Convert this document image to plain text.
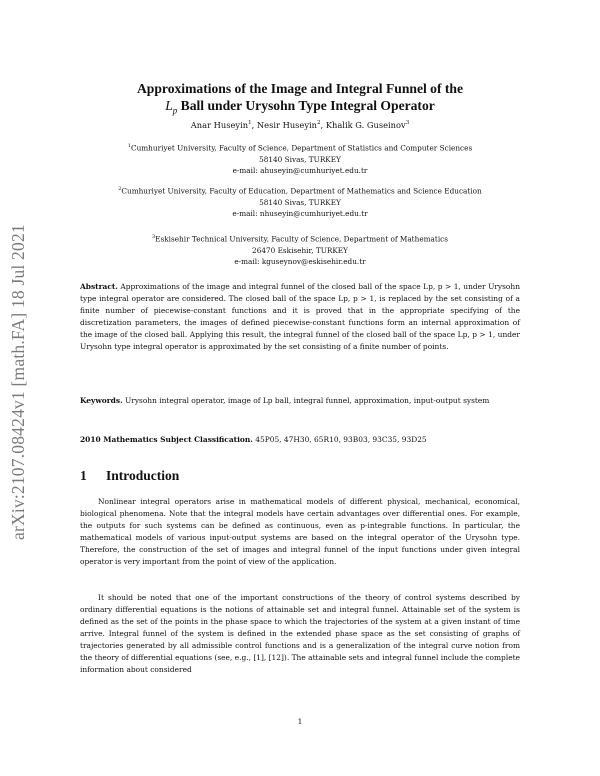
arXiv:2107.08424v1 [math.FA] 18 Jul 2021
Approximations of the Image and Integral Funnel of the
$L_p$ Ball under Urysohn Type Integral Operator
Anar Huseyin$^1$, Nesir Huseyin$^2$, Khalik G. Guseinov$^3$
$^1$Cumhuriyet University, Faculty of Science, Department of Statistics and Computer Sciences
58140 Sivas, TURKEY
e-mail: ahuseyin@cumhuriyet.edu.tr
$^2$Cumhuriyet University, Faculty of Education, Department of Mathematics and Science Education
58140 Sivas, TURKEY
e-mail: nhuseyin@cumhuriyet.edu.tr
$^3$Eskisehir Technical University, Faculty of Science, Department of Mathematics
26470 Eskisehir, TURKEY
e-mail: kguseynov@eskisehir.edu.tr
Abstract. Approximations of the image and integral funnel of the closed ball of the space Lp, p > 1, under Urysohn type integral operator are considered. The closed ball of the space Lp, p > 1, is replaced by the set consisting of a finite number of piecewise-constant functions and it is proved that in the appropriate specifying of the discretization parameters, the images of defined piecewise-constant functions form an internal approximation of the image of the closed ball. Applying this result, the integral funnel of the closed ball of the space Lp, p > 1, under Urysohn type integral operator is approximated by the set consisting of a finite number of points.
Keywords. Urysohn integral operator, image of Lp ball, integral funnel, approximation, input-output system
2010 Mathematics Subject Classification. 45P05, 47H30, 65R10, 93B03, 93C35, 93D25
1 Introduction
Nonlinear integral operators arise in mathematical models of different physical, mechanical, economical, biological phenomena. Note that the integral models have certain advantages over differential ones. For example, the outputs for such systems can be defined as continuous, even as p-integrable functions. In particular, the mathematical models of various input-output systems are based on the integral operator of the Urysohn type. Therefore, the construction of the set of images and integral funnel of the input functions under given integral operator is very important from the point of view of the application.
It should be noted that one of the important constructions of the theory of control systems described by ordinary differential equations is the notions of attainable set and integral funnel. Attainable set of the system is defined as the set of the points in the phase space to which the trajectories of the system at a given instant of time arrive. Integral funnel of the system is defined in the extended phase space as the set consisting of graphs of trajectories generated by all admissible control functions and is a generalization of the integral curve notion from the theory of differential equations (see, e.g., [1], [12]). The attainable sets and integral funnel include the complete information about considered
1
